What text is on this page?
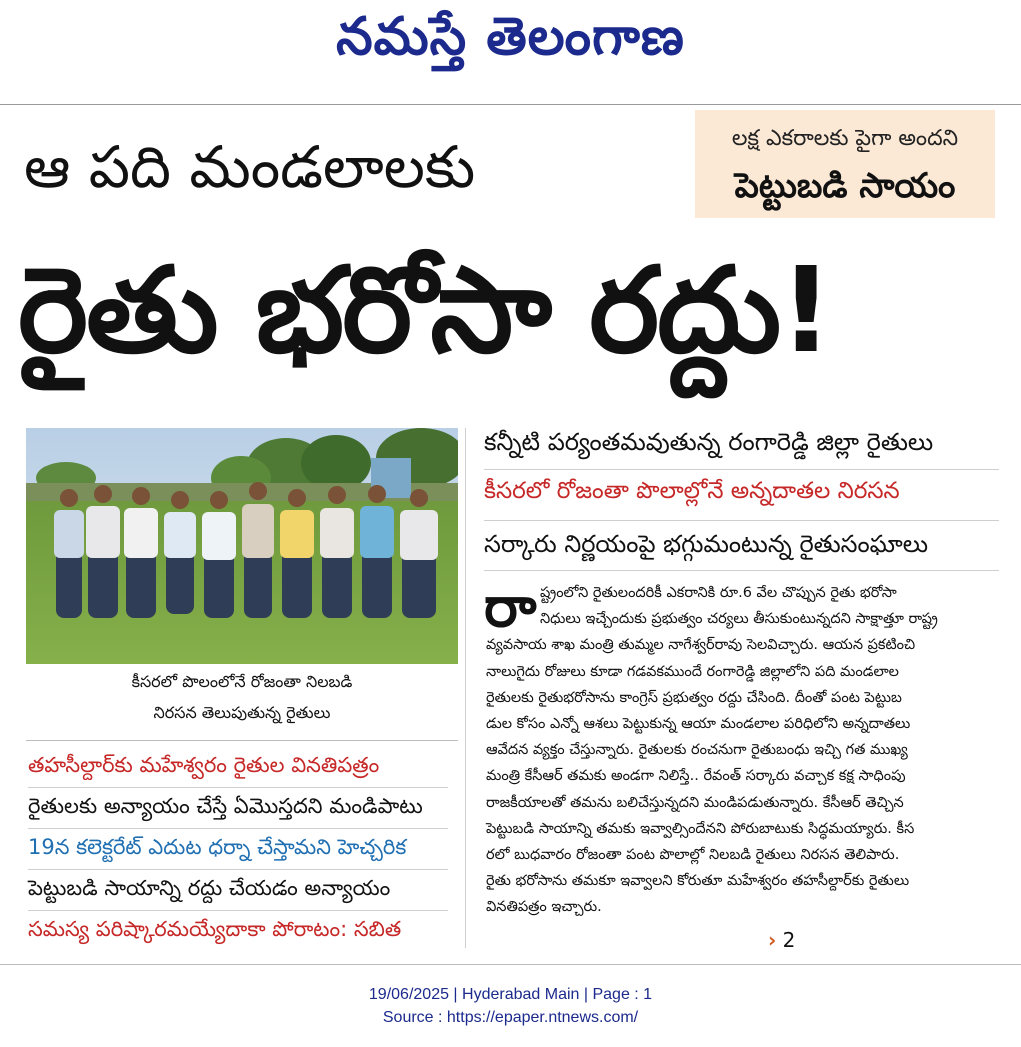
నమస్తే తెలంగాణ
ఆ పది మండలాలకు	లక్ష ఎకరాలకు పైగా అందని
పెట్టుబడి సాయం
రైతు భరోసా రద్దు!
కీసరలో పొలంలోనే రోజంతా నిలబడి
నిరసన తెలుపుతున్న రైతులు
తహసీల్దార్‌కు మహేశ్వరం రైతుల వినతిపత్రం
రైతులకు అన్యాయం చేస్తే ఏమొస్తదని మండిపాటు
19న కలెక్టరేట్ ఎదుట ధర్నా చేస్తామని హెచ్చరిక
పెట్టుబడి సాయాన్ని రద్దు చేయడం అన్యాయం
సమస్య పరిష్కారమయ్యేదాకా పోరాటం: సబిత
కన్నీటి పర్యంతమవుతున్న రంగారెడ్డి జిల్లా రైతులు
కీసరలో రోజంతా పొలాల్లోనే అన్నదాతల నిరసన
సర్కారు నిర్ణయంపై భగ్గుమంటున్న రైతుసంఘాలు
రా ష్ట్రంలోని రైతులందరికీ ఎకరానికి రూ.6 వేల చొప్పున రైతు భరోసా
నిధులు ఇచ్చేందుకు ప్రభుత్వం చర్యలు తీసుకుంటున్నదని సాక్షాత్తూ రాష్ట్ర
వ్యవసాయ శాఖ మంత్రి తుమ్మల నాగేశ్వర్‌రావు సెలవిచ్చారు. ఆయన ప్రకటించి
నాలుగైదు రోజులు కూడా గడవకముందే రంగారెడ్డి జిల్లాలోని పది మండలాల
రైతులకు రైతుభరోసాను కాంగ్రెస్ ప్రభుత్వం రద్దు చేసింది. దీంతో పంట పెట్టుబ
డుల కోసం ఎన్నో ఆశలు పెట్టుకున్న ఆయా మండలాల పరిధిలోని అన్నదాతలు
ఆవేదన వ్యక్తం చేస్తున్నారు. రైతులకు రంచనుగా రైతుబంధు ఇచ్చి గత ముఖ్య
మంత్రి కేసీఆర్ తమకు అండగా నిలిస్తే.. రేవంత్ సర్కారు వచ్చాక కక్ష సాధింపు
రాజకీయాలతో తమను బలిచేస్తున్నదని మండిపడుతున్నారు. కేసీఆర్ తెచ్చిన
పెట్టుబడి సాయాన్ని తమకు ఇవ్వాల్సిందేనని పోరుబాటుకు సిద్ధమయ్యారు. కీస
రలో బుధవారం రోజంతా పంట పొలాల్లో నిలబడి రైతులు నిరసన తెలిపారు.
రైతు భరోసాను తమకూ ఇవ్వాలని కోరుతూ మహేశ్వరం తహసీల్దార్‌కు రైతులు
వినతిపత్రం ఇచ్చారు.
› 2
19/06/2025 | Hyderabad Main | Page : 1
Source : https://epaper.ntnews.com/
